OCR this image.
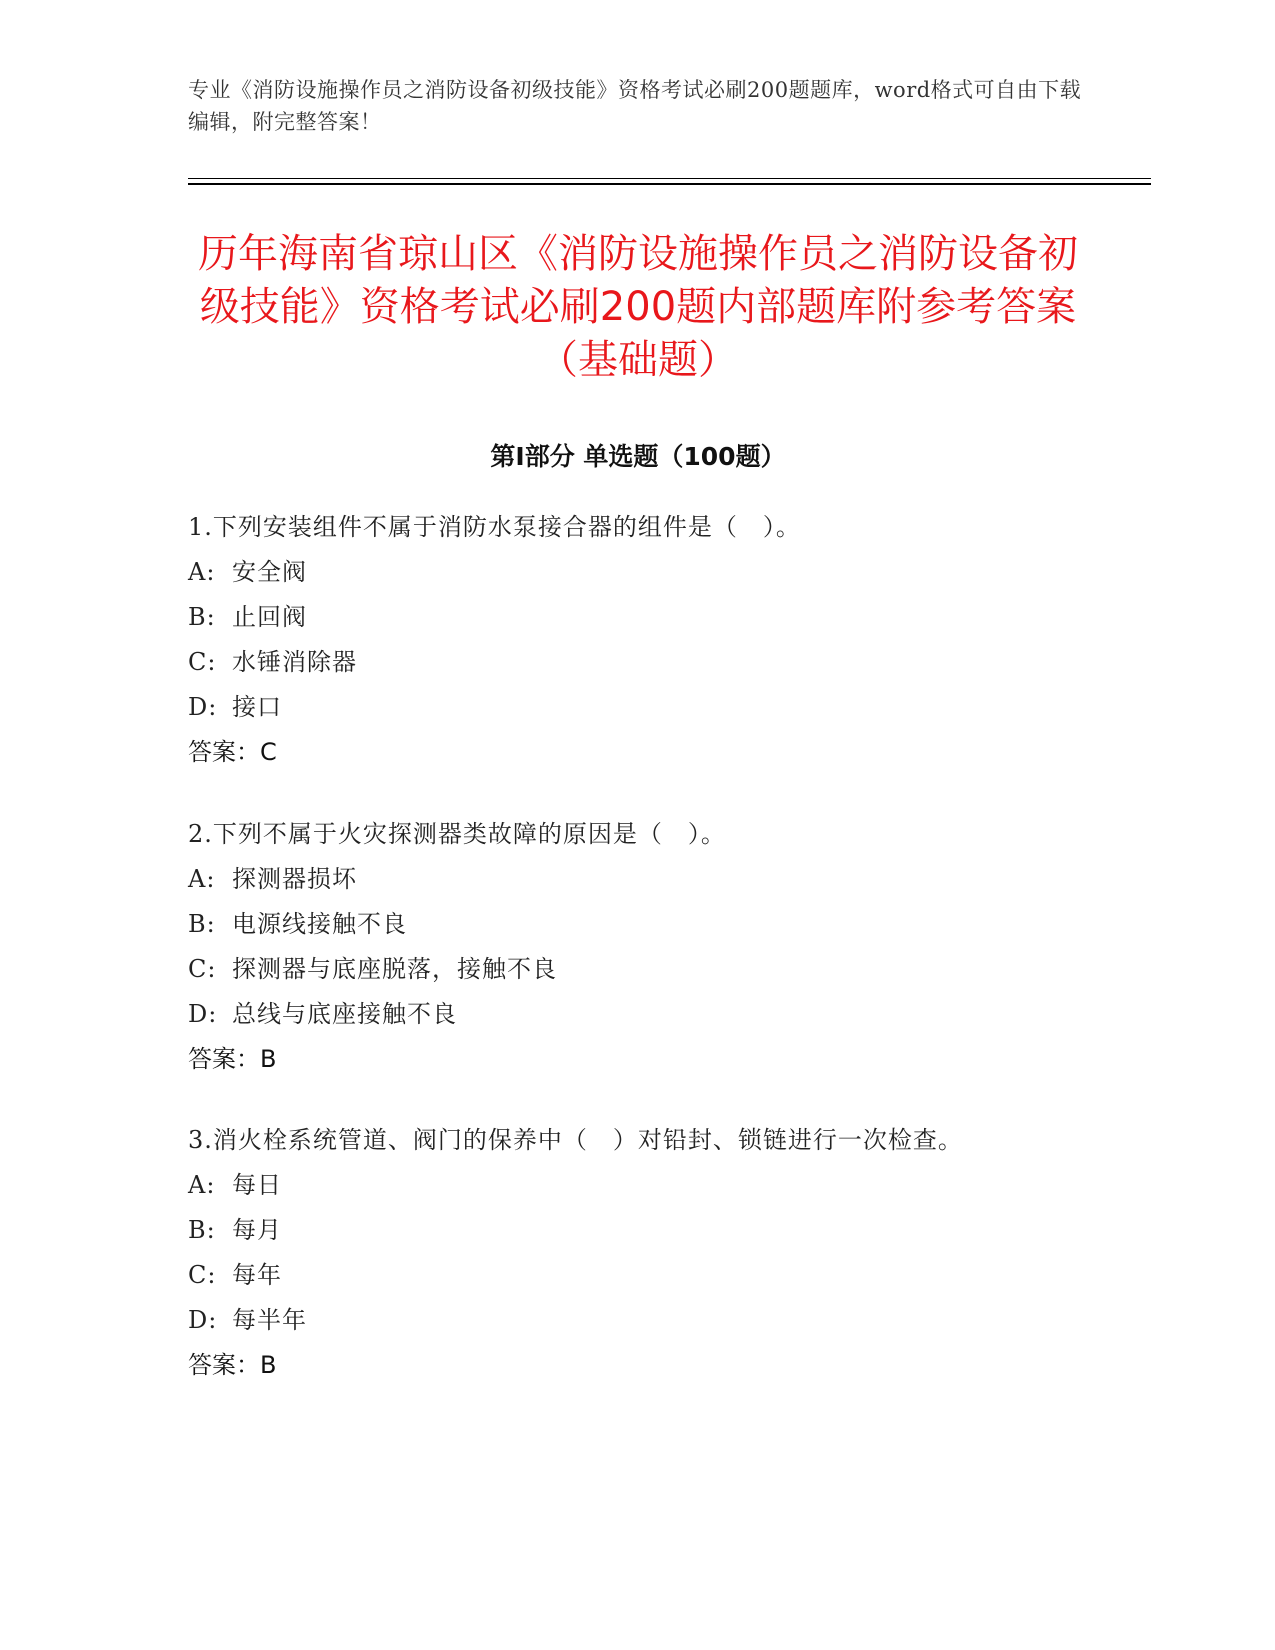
专业《消防设施操作员之消防设备初级技能》资格考试必刷200题题库，word格式可自由下载编辑，附完整答案！
历年海南省琼山区《消防设施操作员之消防设备初级技能》资格考试必刷200题内部题库附参考答案（基础题）
第Ⅰ部分 单选题（100题）
1.下列安装组件不属于消防水泵接合器的组件是（　）。
A: 安全阀
B: 止回阀
C: 水锤消除器
D: 接口
答案：C
2.下列不属于火灾探测器类故障的原因是（　）。
A: 探测器损坏
B: 电源线接触不良
C: 探测器与底座脱落，接触不良
D: 总线与底座接触不良
答案：B
3.消火栓系统管道、阀门的保养中（　）对铅封、锁链进行一次检查。
A: 每日
B: 每月
C: 每年
D: 每半年
答案：B
